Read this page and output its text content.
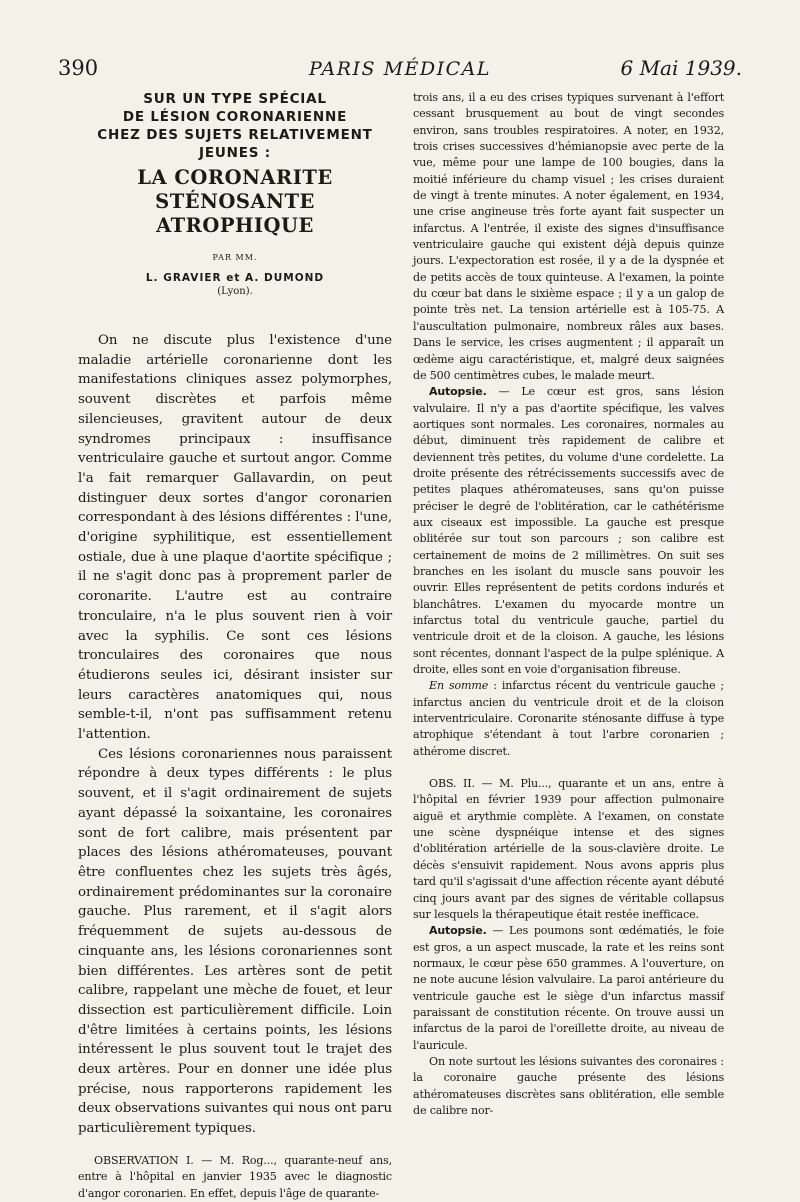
390	PARIS MÉDICAL	6 Mai 1939.
SUR UN TYPE SPÉCIAL
DE LÉSION CORONARIENNE
CHEZ DES SUJETS RELATIVEMENT
JEUNES :
LA CORONARITE
STÉNOSANTE ATROPHIQUE
PAR MM.
L. GRAVIER et A. DUMOND
(Lyon).

On ne discute plus l'existence d'une maladie artérielle coronarienne dont les manifestations cliniques assez polymorphes, souvent discrètes et parfois même silencieuses, gravitent autour de deux syndromes principaux : insuffisance ventriculaire gauche et surtout angor. Comme l'a fait remarquer Gallavardin, on peut distinguer deux sortes d'angor coronarien correspondant à des lésions différentes : l'une, d'origine syphilitique, est essentiellement ostiale, due à une plaque d'aortite spécifique ; il ne s'agit donc pas à proprement parler de coronarite. L'autre est au contraire tronculaire, n'a le plus souvent rien à voir avec la syphilis. Ce sont ces lésions tronculaires des coronaires que nous étudierons seules ici, désirant insister sur leurs caractères anatomiques qui, nous semble-t-il, n'ont pas suffisamment retenu l'attention.

Ces lésions coronariennes nous paraissent répondre à deux types différents : le plus souvent, et il s'agit ordinairement de sujets ayant dépassé la soixantaine, les coronaires sont de fort calibre, mais présentent par places des lésions athéromateuses, pouvant être confluentes chez les sujets très âgés, ordinairement prédominantes sur la coronaire gauche. Plus rarement, et il s'agit alors fréquemment de sujets au-dessous de cinquante ans, les lésions coronariennes sont bien différentes. Les artères sont de petit calibre, rappelant une mèche de fouet, et leur dissection est particulièrement difficile. Loin d'être limitées à certains points, les lésions intéressent le plus souvent tout le trajet des deux artères. Pour en donner une idée plus précise, nous rapporterons rapidement les deux observations suivantes qui nous ont paru particulièrement typiques.

OBSERVATION I. — M. Rog..., quarante-neuf ans, entre à l'hôpital en janvier 1935 avec le diagnostic d'angor coronarien. En effet, depuis l'âge de quarante-

trois ans, il a eu des crises typiques survenant à l'effort cessant brusquement au bout de vingt secondes environ, sans troubles respiratoires. A noter, en 1932, trois crises successives d'hémianopsie avec perte de la vue, même pour une lampe de 100 bougies, dans la moitié inférieure du champ visuel ; les crises duraient de vingt à trente minutes. A noter également, en 1934, une crise angineuse très forte ayant fait suspecter un infarctus. A l'entrée, il existe des signes d'insuffisance ventriculaire gauche qui existent déjà depuis quinze jours. L'expectoration est rosée, il y a de la dyspnée et de petits accès de toux quinteuse. A l'examen, la pointe du cœur bat dans le sixième espace ; il y a un galop de pointe très net. La tension artérielle est à 105-75. A l'auscultation pulmonaire, nombreux râles aux bases. Dans le service, les crises augmentent ; il apparaît un œdème aigu caractéristique, et, malgré deux saignées de 500 centimètres cubes, le malade meurt.

Autopsie. — Le cœur est gros, sans lésion valvulaire. Il n'y a pas d'aortite spécifique, les valves aortiques sont normales. Les coronaires, normales au début, diminuent très rapidement de calibre et deviennent très petites, du volume d'une cordelette. La droite présente des rétrécissements successifs avec de petites plaques athéromateuses, sans qu'on puisse préciser le degré de l'oblitération, car le cathétérisme aux ciseaux est impossible. La gauche est presque oblitérée sur tout son parcours ; son calibre est certainement de moins de 2 millimètres. On suit ses branches en les isolant du muscle sans pouvoir les ouvrir. Elles représentent de petits cordons indurés et blanchâtres. L'examen du myocarde montre un infarctus total du ventricule gauche, partiel du ventricule droit et de la cloison. A gauche, les lésions sont récentes, donnant l'aspect de la pulpe splénique. A droite, elles sont en voie d'organisation fibreuse.

En somme : infarctus récent du ventricule gauche ; infarctus ancien du ventricule droit et de la cloison interventriculaire. Coronarite sténosante diffuse à type atrophique s'étendant à tout l'arbre coronarien ; athérome discret.

OBS. II. — M. Plu..., quarante et un ans, entre à l'hôpital en février 1939 pour affection pulmonaire aiguë et arythmie complète. A l'examen, on constate une scène dyspnéique intense et des signes d'oblitération artérielle de la sous-clavière droite. Le décès s'ensuivit rapidement. Nous avons appris plus tard qu'il s'agissait d'une affection récente ayant débuté cinq jours avant par des signes de véritable collapsus sur lesquels la thérapeutique était restée inefficace.

Autopsie. — Les poumons sont œdématiés, le foie est gros, a un aspect muscade, la rate et les reins sont normaux, le cœur pèse 650 grammes. A l'ouverture, on ne note aucune lésion valvulaire. La paroi antérieure du ventricule gauche est le siège d'un infarctus massif paraissant de constitution récente. On trouve aussi un infarctus de la paroi de l'oreillette droite, au niveau de l'auricule.

On note surtout les lésions suivantes des coronaires : la coronaire gauche présente des lésions athéromateuses discrètes sans oblitération, elle semble de calibre nor-
